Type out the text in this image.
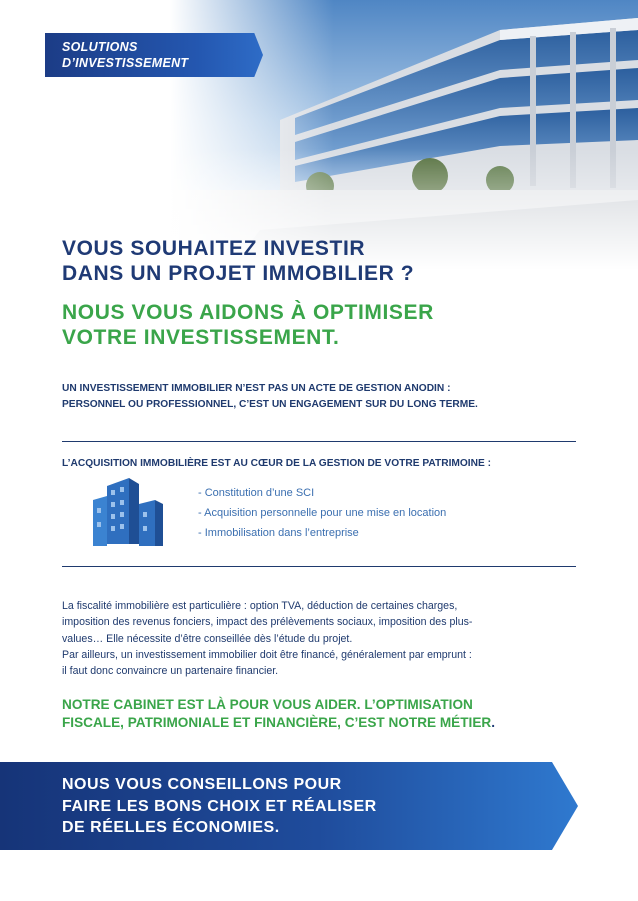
SOLUTIONS
D’INVESTISSEMENT
VOUS SOUHAITEZ INVESTIR
DANS UN PROJET IMMOBILIER ?
NOUS VOUS AIDONS À OPTIMISER
VOTRE INVESTISSEMENT.
UN INVESTISSEMENT IMMOBILIER N’EST PAS UN ACTE DE GESTION ANODIN :
PERSONNEL OU PROFESSIONNEL, C’EST UN ENGAGEMENT SUR DU LONG TERME.
L’ACQUISITION IMMOBILIÈRE EST AU CŒUR DE LA GESTION DE VOTRE PATRIMOINE :
- Constitution d’une SCI
- Acquisition personnelle pour une mise en location
- Immobilisation dans l’entreprise

La fiscalité immobilière est particulière : option TVA, déduction de certaines charges,

imposition des revenus fonciers, impact des prélèvements sociaux, imposition des plus-

values… Elle nécessite d’être conseillée dès l’étude du projet.

Par ailleurs, un investissement immobilier doit être financé, généralement par emprunt :

il faut donc convaincre un partenaire financier.

NOTRE CABINET EST LÀ POUR VOUS AIDER. L’OPTIMISATION
FISCALE, PATRIMONIALE ET FINANCIÈRE, C’EST NOTRE MÉTIER.
NOUS VOUS CONSEILLONS POUR
FAIRE LES BONS CHOIX ET RÉALISER
DE RÉELLES ÉCONOMIES.
